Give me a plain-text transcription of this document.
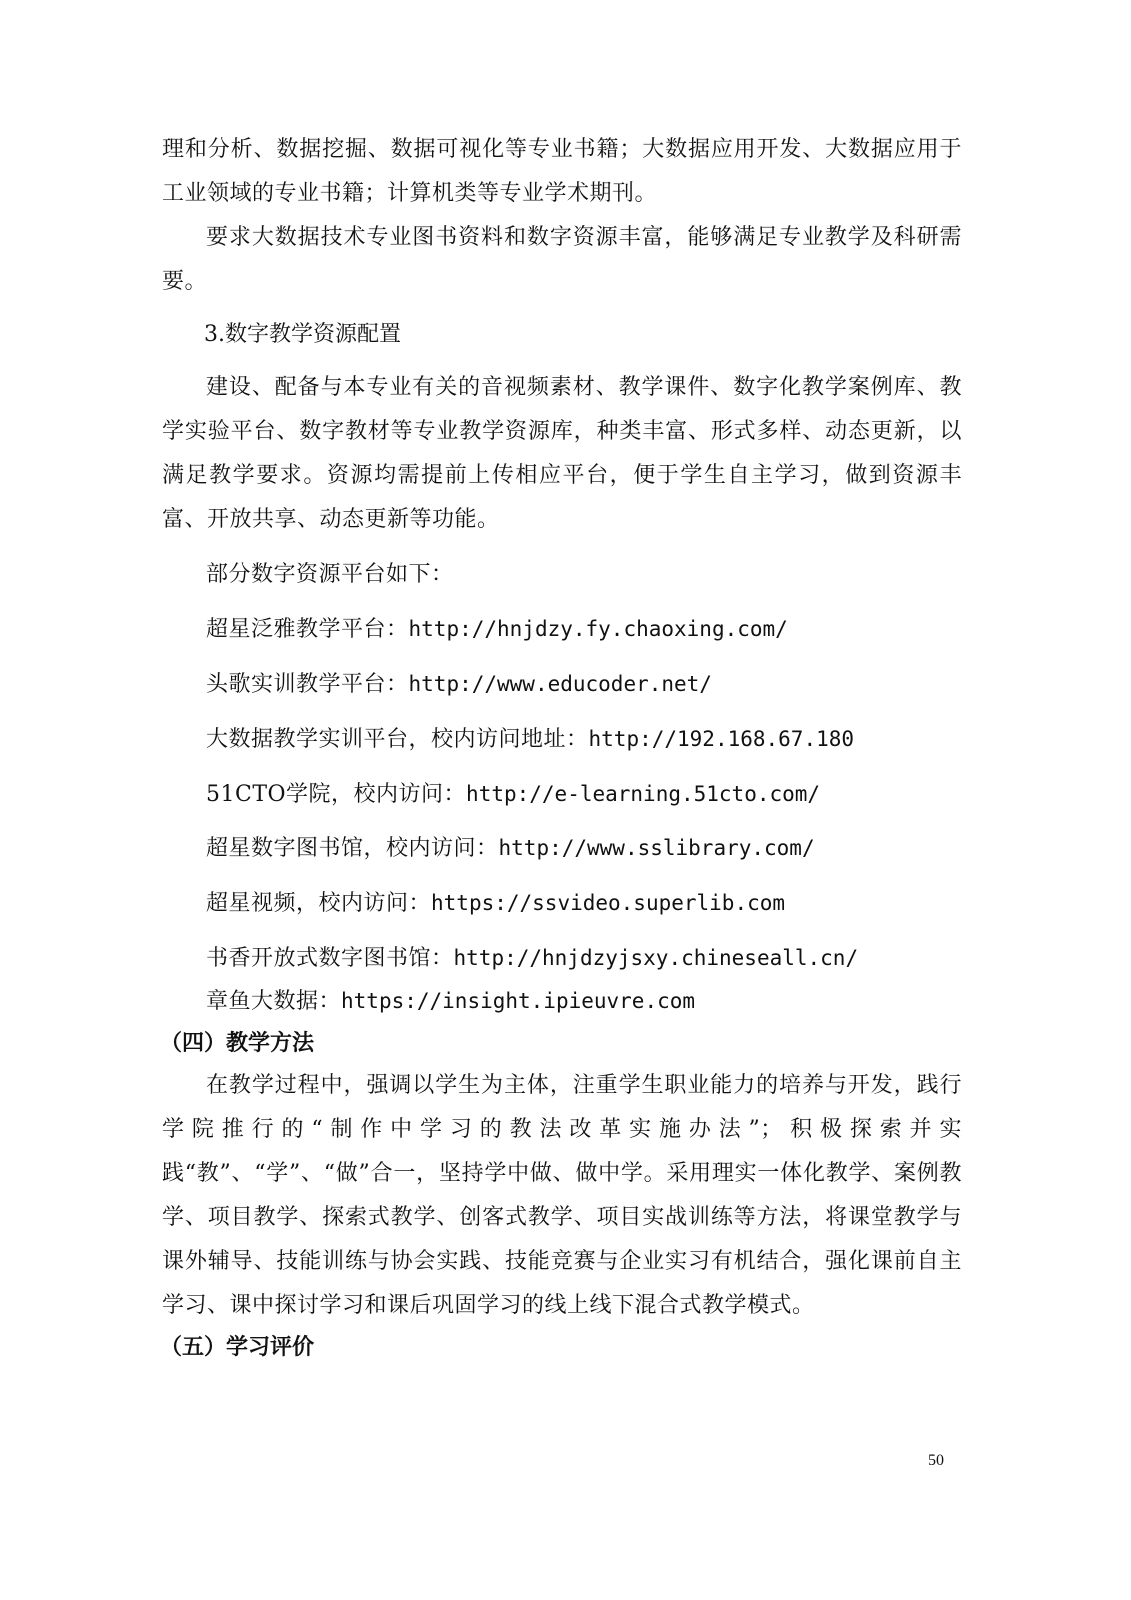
理和分析、数据挖掘、数据可视化等专业书籍；大数据应用开发、大数据应用于工业领域的专业书籍；计算机类等专业学术期刊。

要求大数据技术专业图书资料和数字资源丰富，能够满足专业教学及科研需要。

3.数字教学资源配置

建设、配备与本专业有关的音视频素材、教学课件、数字化教学案例库、教学实验平台、数字教材等专业教学资源库，种类丰富、形式多样、动态更新，以满足教学要求。资源均需提前上传相应平台，便于学生自主学习，做到资源丰富、开放共享、动态更新等功能。

部分数字资源平台如下：
超星泛雅教学平台：http://hnjdzy.fy.chaoxing.com/
头歌实训教学平台：http://www.educoder.net/
大数据教学实训平台，校内访问地址：http://192.168.67.180
51CTO学院，校内访问：http://e-learning.51cto.com/
超星数字图书馆，校内访问：http://www.sslibrary.com/
超星视频，校内访问：https://ssvideo.superlib.com
书香开放式数字图书馆：http://hnjdzyjsxy.chineseall.cn/
章鱼大数据：https://insight.ipieuvre.com
（四）教学方法

在教学过程中，强调以学生为主体，注重学生职业能力的培养与开发，践行学院推行的“制作中学习的教法改革实施办法”；积极探索并实践“教”、“学”、“做”合一，坚持学中做、做中学。采用理实一体化教学、案例教学、项目教学、探索式教学、创客式教学、项目实战训练等方法，将课堂教学与课外辅导、技能训练与协会实践、技能竞赛与企业实习有机结合，强化课前自主学习、课中探讨学习和课后巩固学习的线上线下混合式教学模式。

（五）学习评价
50
